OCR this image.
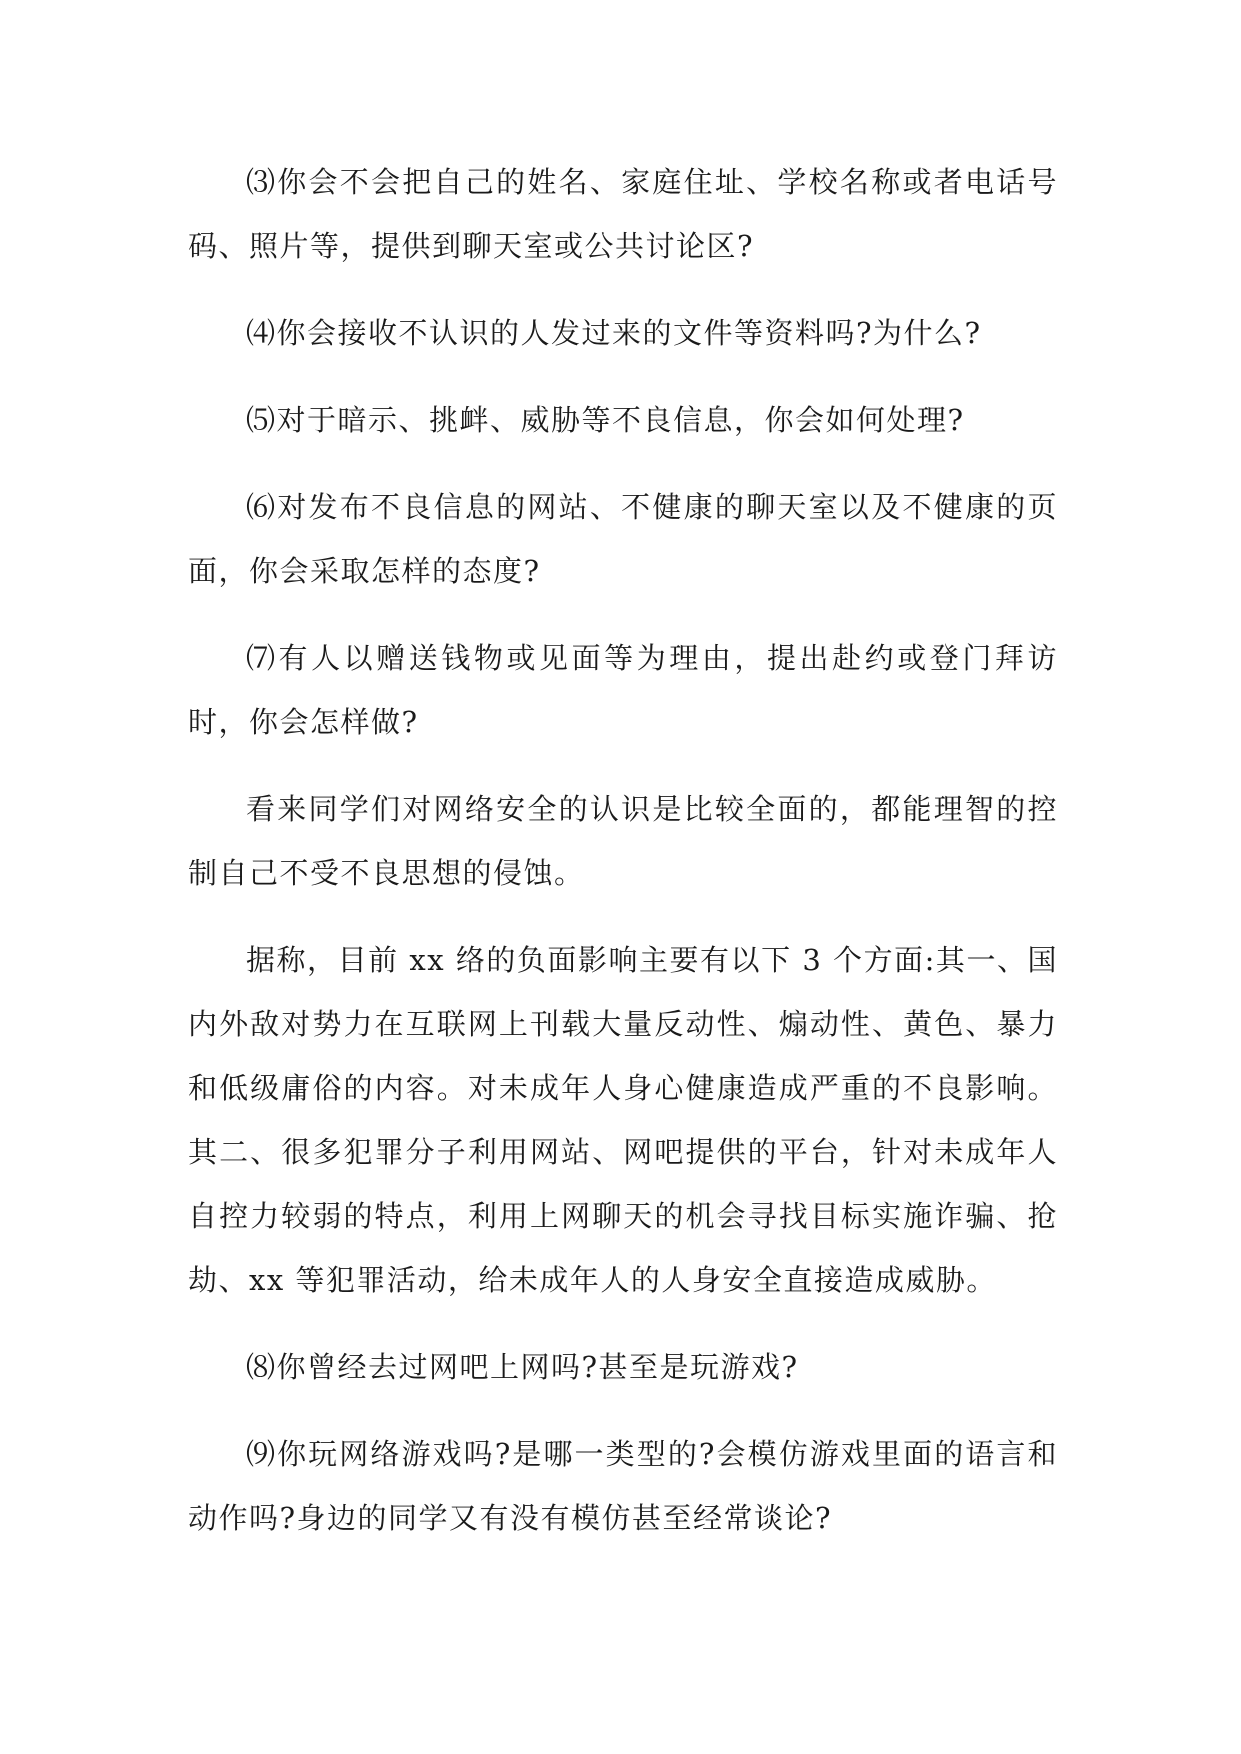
⑶你会不会把自己的姓名、家庭住址、学校名称或者电话号码、照片等，提供到聊天室或公共讨论区?

⑷你会接收不认识的人发过来的文件等资料吗?为什么?

⑸对于暗示、挑衅、威胁等不良信息，你会如何处理?

⑹对发布不良信息的网站、不健康的聊天室以及不健康的页面，你会采取怎样的态度?

⑺有人以赠送钱物或见面等为理由，提出赴约或登门拜访时，你会怎样做?

看来同学们对网络安全的认识是比较全面的，都能理智的控制自己不受不良思想的侵蚀。

据称，目前 xx 络的负面影响主要有以下 3 个方面:其一、国内外敌对势力在互联网上刊载大量反动性、煽动性、黄色、暴力和低级庸俗的内容。对未成年人身心健康造成严重的不良影响。其二、很多犯罪分子利用网站、网吧提供的平台，针对未成年人自控力较弱的特点，利用上网聊天的机会寻找目标实施诈骗、抢劫、xx 等犯罪活动，给未成年人的人身安全直接造成威胁。

⑻你曾经去过网吧上网吗?甚至是玩游戏?

⑼你玩网络游戏吗?是哪一类型的?会模仿游戏里面的语言和动作吗?身边的同学又有没有模仿甚至经常谈论?
